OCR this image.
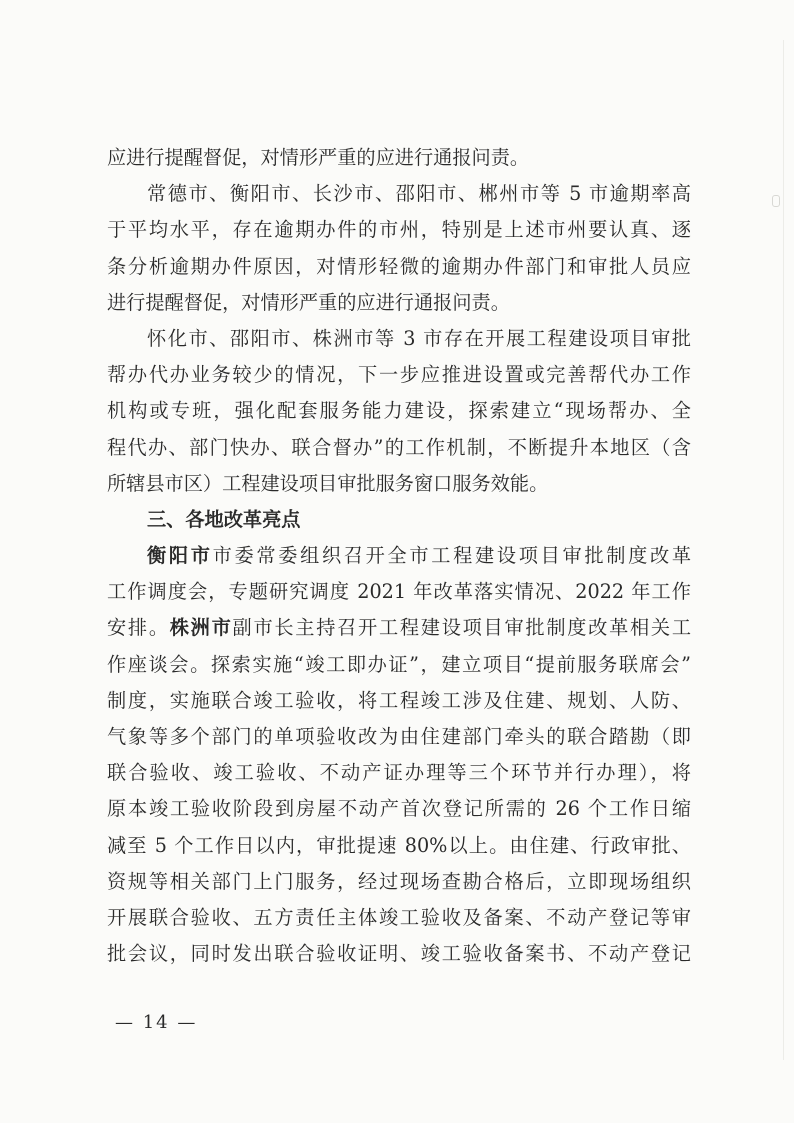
应进行提醒督促，对情形严重的应进行通报问责。
常德市、衡阳市、长沙市、邵阳市、郴州市等 5 市逾期率高
于平均水平，存在逾期办件的市州，特别是上述市州要认真、逐
条分析逾期办件原因，对情形轻微的逾期办件部门和审批人员应
进行提醒督促，对情形严重的应进行通报问责。
怀化市、邵阳市、株洲市等 3 市存在开展工程建设项目审批
帮办代办业务较少的情况，下一步应推进设置或完善帮代办工作
机构或专班，强化配套服务能力建设，探索建立“现场帮办、全
程代办、部门快办、联合督办”的工作机制，不断提升本地区（含
所辖县市区）工程建设项目审批服务窗口服务效能。
三、各地改革亮点
衡阳市市委常委组织召开全市工程建设项目审批制度改革
工作调度会，专题研究调度 2021 年改革落实情况、2022 年工作
安排。株洲市副市长主持召开工程建设项目审批制度改革相关工
作座谈会。探索实施“竣工即办证”，建立项目“提前服务联席会”
制度，实施联合竣工验收，将工程竣工涉及住建、规划、人防、
气象等多个部门的单项验收改为由住建部门牵头的联合踏勘（即
联合验收、竣工验收、不动产证办理等三个环节并行办理），将
原本竣工验收阶段到房屋不动产首次登记所需的 26 个工作日缩
减至 5 个工作日以内，审批提速 80%以上。由住建、行政审批、
资规等相关部门上门服务，经过现场查勘合格后，立即现场组织
开展联合验收、五方责任主体竣工验收及备案、不动产登记等审
批会议，同时发出联合验收证明、竣工验收备案书、不动产登记
— 14 —
